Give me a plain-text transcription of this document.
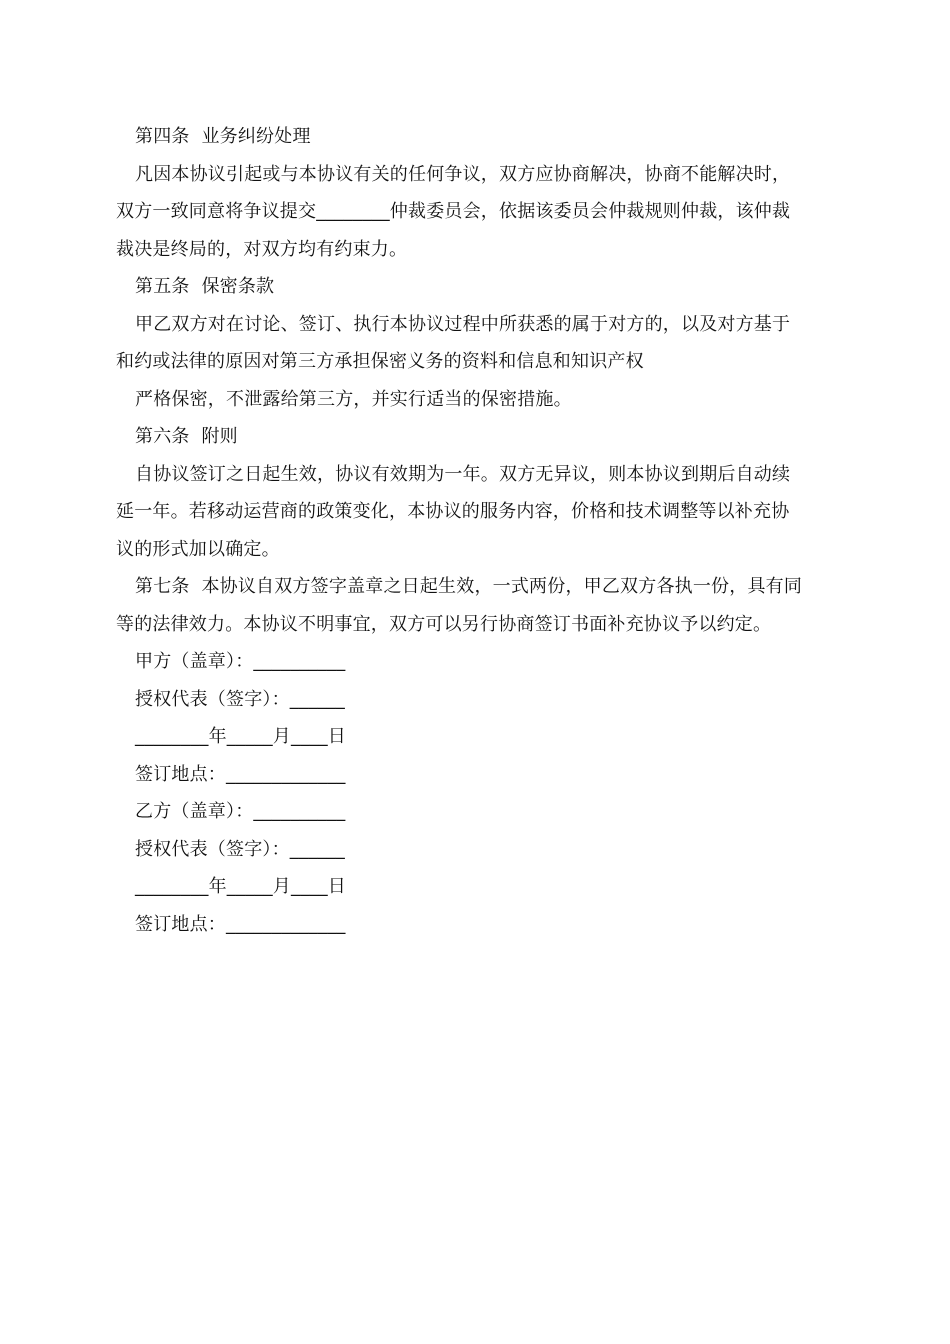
第四条  业务纠纷处理
凡因本协议引起或与本协议有关的任何争议，双方应协商解决，协商不能解决时，
双方一致同意将争议提交________仲裁委员会，依据该委员会仲裁规则仲裁，该仲裁
裁决是终局的，对双方均有约束力。
第五条  保密条款
甲乙双方对在讨论、签订、执行本协议过程中所获悉的属于对方的，以及对方基于
和约或法律的原因对第三方承担保密义务的资料和信息和知识产权
严格保密，不泄露给第三方，并实行适当的保密措施。
第六条  附则
自协议签订之日起生效，协议有效期为一年。双方无异议，则本协议到期后自动续
延一年。若移动运营商的政策变化，本协议的服务内容，价格和技术调整等以补充协
议的形式加以确定。
第七条  本协议自双方签字盖章之日起生效，一式两份，甲乙双方各执一份，具有同
等的法律效力。本协议不明事宜，双方可以另行协商签订书面补充协议予以约定。
甲方（盖章）：__________
授权代表（签字）：______
________年_____月____日
签订地点：_____________
乙方（盖章）：__________
授权代表（签字）：______
________年_____月____日
签订地点：_____________
